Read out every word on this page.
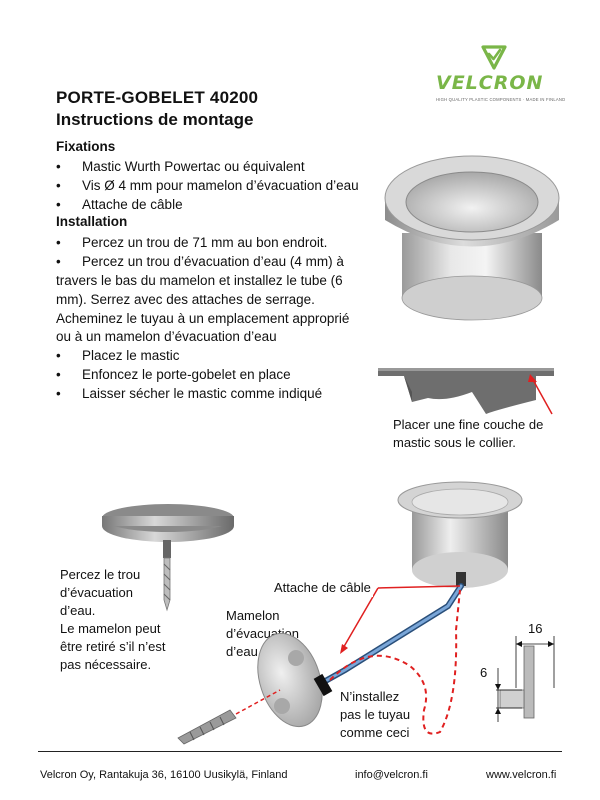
VELCRON
HIGH QUALITY PLASTIC COMPONENTS · MADE IN FINLAND
PORTE-GOBELET 40200
Instructions de montage
Fixations
• Mastic Wurth Powertac ou équivalent
• Vis Ø 4 mm pour mamelon d’évacuation d’eau
• Attache de câble
Installation
• Percez un trou de 71 mm au bon endroit.
• Percez un trou d’évacuation d’eau (4 mm) à
travers le bas du mamelon et installez le tube (6
mm). Serrez avec des attaches de serrage.
Acheminez le tuyau à un emplacement approprié
ou à un mamelon d’évacuation d’eau
• Placez le mastic
• Enfoncez le porte-gobelet en place
• Laisser sécher le mastic comme indiqué
Placer une fine couche de
mastic sous le collier.
Percez le trou
d’évacuation
d’eau.
Le mamelon peut
être retiré s’il n’est
pas nécessaire.
Mamelon
d’évacuation
d’eau
Attache de câble
N’installez
pas le tuyau
comme ceci
16
6
Velcron Oy, Rantakuja 36, 16100 Uusikylä, Finland	info@velcron.fi	www.velcron.fi
